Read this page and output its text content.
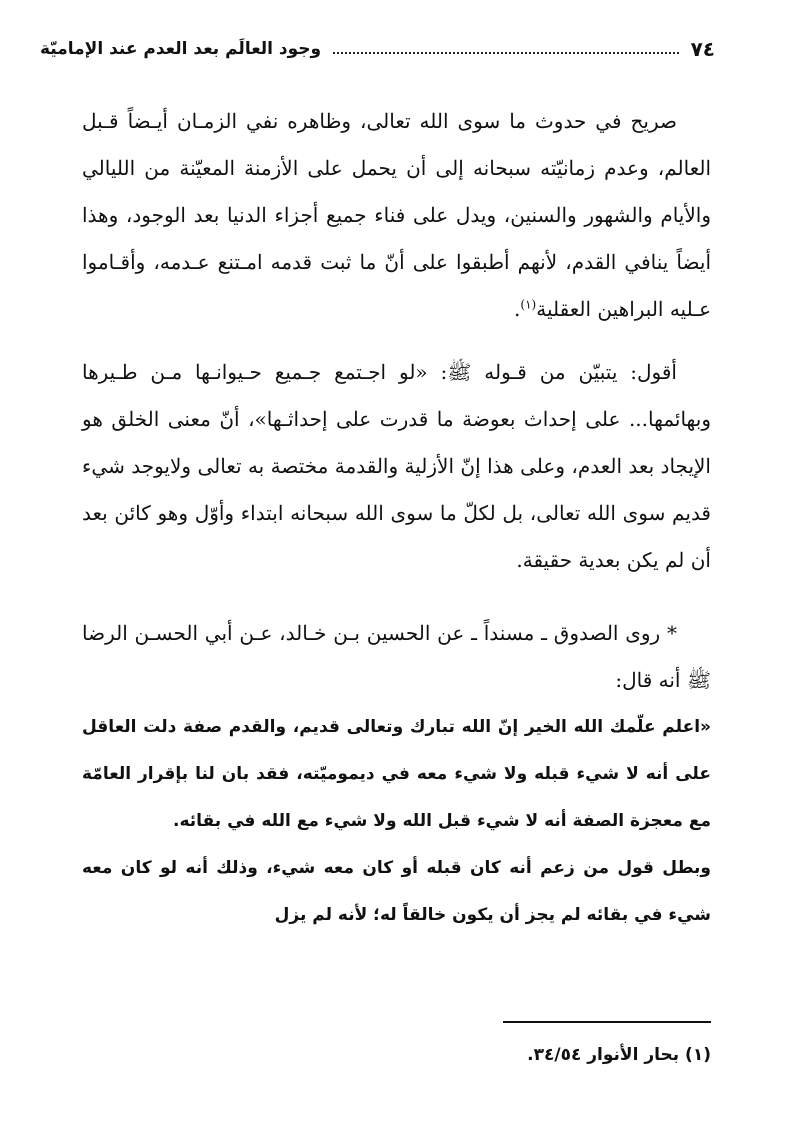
٧٤
وجود العالَم بعد العدم عند الإماميّة

صريح في حدوث ما سوى الله تعالى، وظاهره نفي الزمـان أيـضاً قـبل العالم، وعدم زمانيّته سبحانه إلى أن يحمل على الأزمنة المعيّنة من الليالي والأيام والشهور والسنين، ويدل على فناء جميع أجزاء الدنيا بعد الوجود، وهذا أيضاً ينافي القدم، لأنهم أطبقوا على أنّ ما ثبت قدمه امـتنع عـدمه، وأقـاموا عـليه البراهين العقلية$^{(١)}$.

أقول: يتبيّن من قـوله ﷺ: «لو اجـتمع جـميع حـيوانـها مـن طـيرها وبهائمها... على إحداث بعوضة ما قدرت على إحداثـها»، أنّ معنى الخلق هو الإيجاد بعد العدم، وعلى هذا إنّ الأزلية والقدمة مختصة به تعالى ولايوجد شيء قديم سوى الله تعالى، بل لكلّ ما سوى الله سبحانه ابتداء وأوّل وهو كائن بعد أن لم يكن بعدية حقيقة.

* روى الصدوق ـ مسنداً ـ عن الحسين بـن خـالد، عـن أبي الحسـن الرضا ﷺ أنه قال:

«اعلم علّمك الله الخير إنّ الله تبارك وتعالى قديم، والقدم صفة دلت العاقل على أنه لا شيء قبله ولا شيء معه في ديموميّته، فقد بان لنا بإقرار العامّة مع معجزة الصفة أنه لا شيء قبل الله ولا شيء مع الله في بقائه.

وبطل قول من زعم أنه كان قبله أو كان معه شيء، وذلك أنه لو كان معه شيء في بقائه لم يجز أن يكون خالقاً له؛ لأنه لم يزل

(١) بحار الأنوار ٣٤/٥٤.
